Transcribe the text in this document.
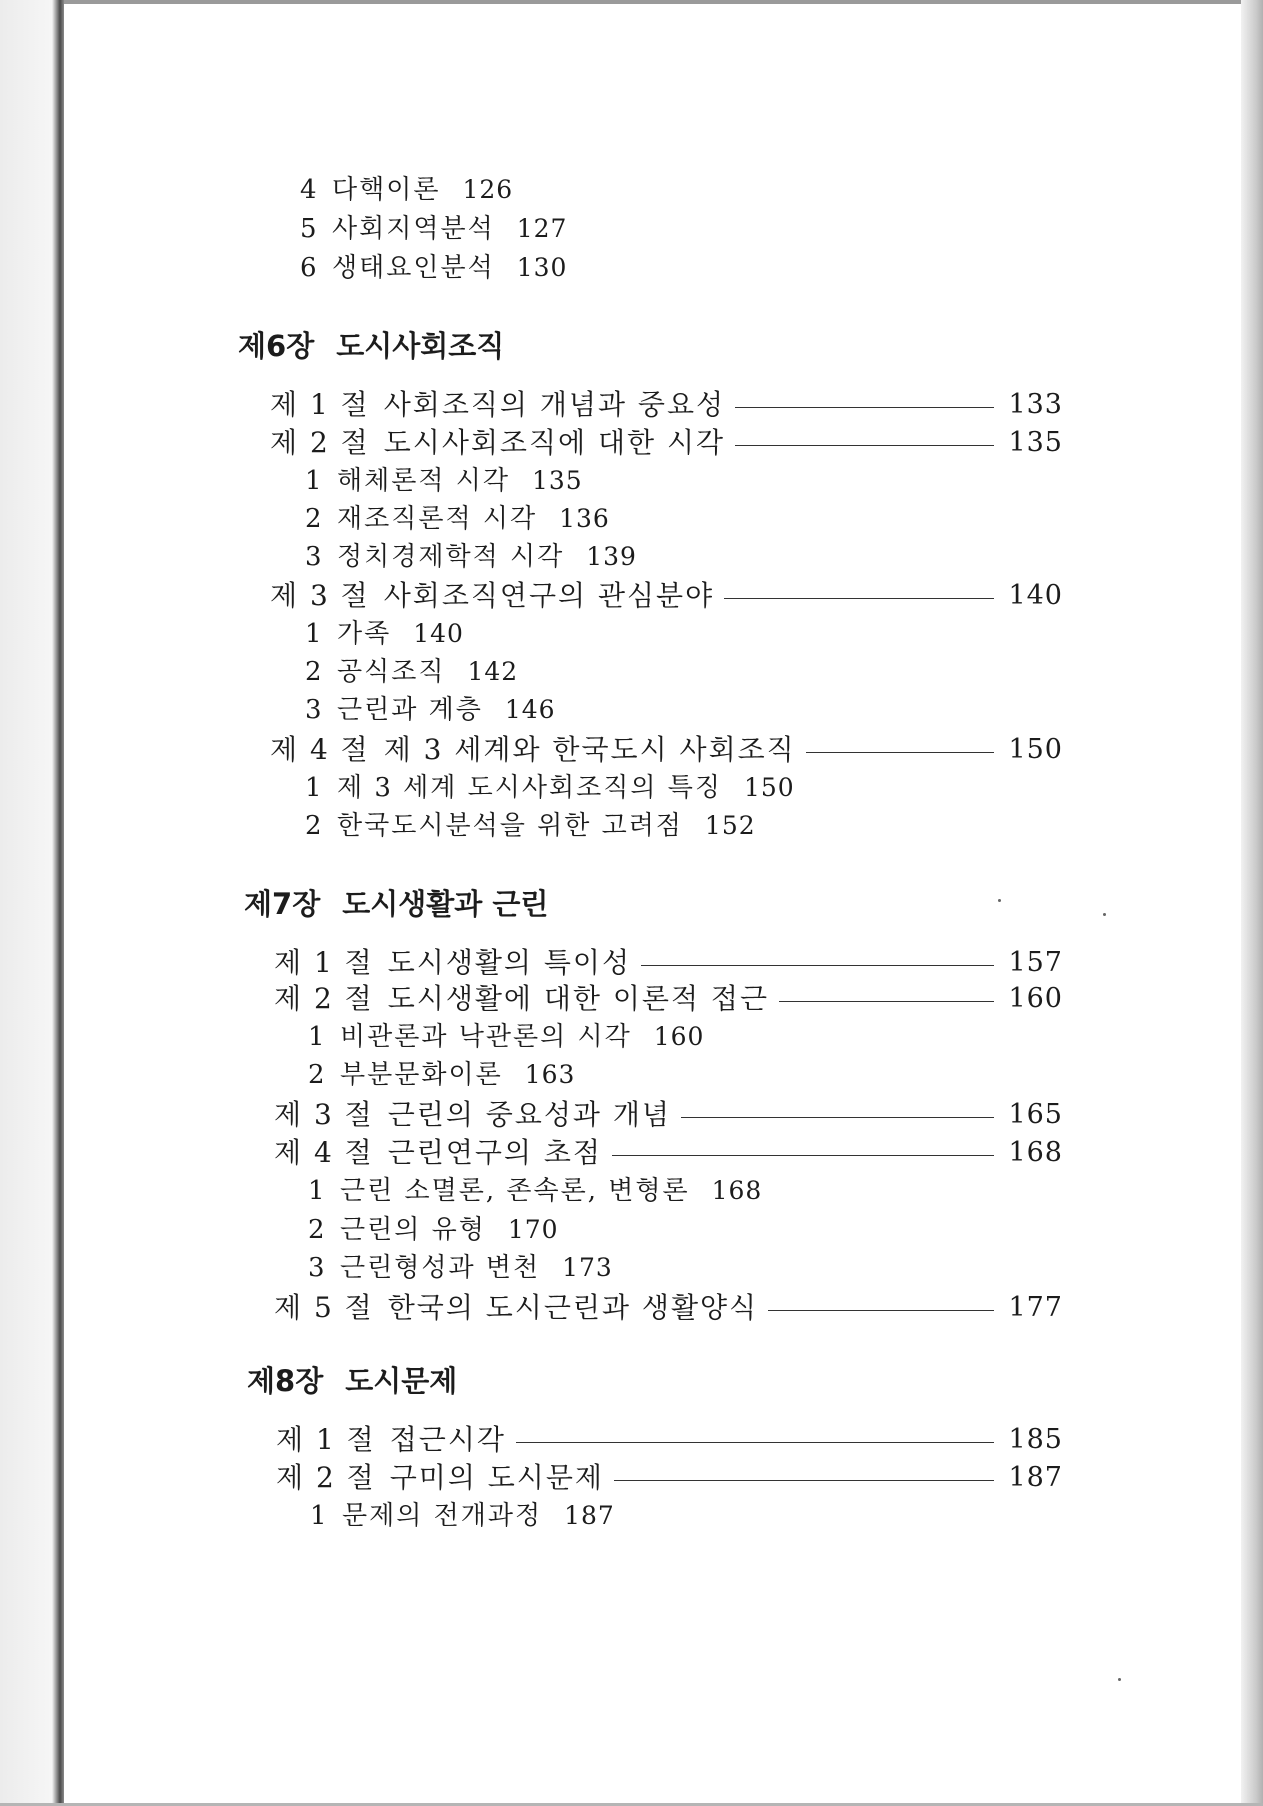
4 다핵이론 126
5 사회지역분석 127
6 생태요인분석 130
제6장 도시사회조직
제 1 절 사회조직의 개념과 중요성	133
제 2 절 도시사회조직에 대한 시각	135
1 해체론적 시각 135
2 재조직론적 시각 136
3 정치경제학적 시각 139
제 3 절 사회조직연구의 관심분야	140
1 가족 140
2 공식조직 142
3 근린과 계층 146
제 4 절 제 3 세계와 한국도시 사회조직	150
1 제 3 세계 도시사회조직의 특징 150
2 한국도시분석을 위한 고려점 152
제7장 도시생활과 근린
제 1 절 도시생활의 특이성	157
제 2 절 도시생활에 대한 이론적 접근	160
1 비관론과 낙관론의 시각 160
2 부분문화이론 163
제 3 절 근린의 중요성과 개념	165
제 4 절 근린연구의 초점	168
1 근린 소멸론, 존속론, 변형론 168
2 근린의 유형 170
3 근린형성과 변천 173
제 5 절 한국의 도시근린과 생활양식	177
제8장 도시문제
제 1 절 접근시각	185
제 2 절 구미의 도시문제	187
1 문제의 전개과정 187
